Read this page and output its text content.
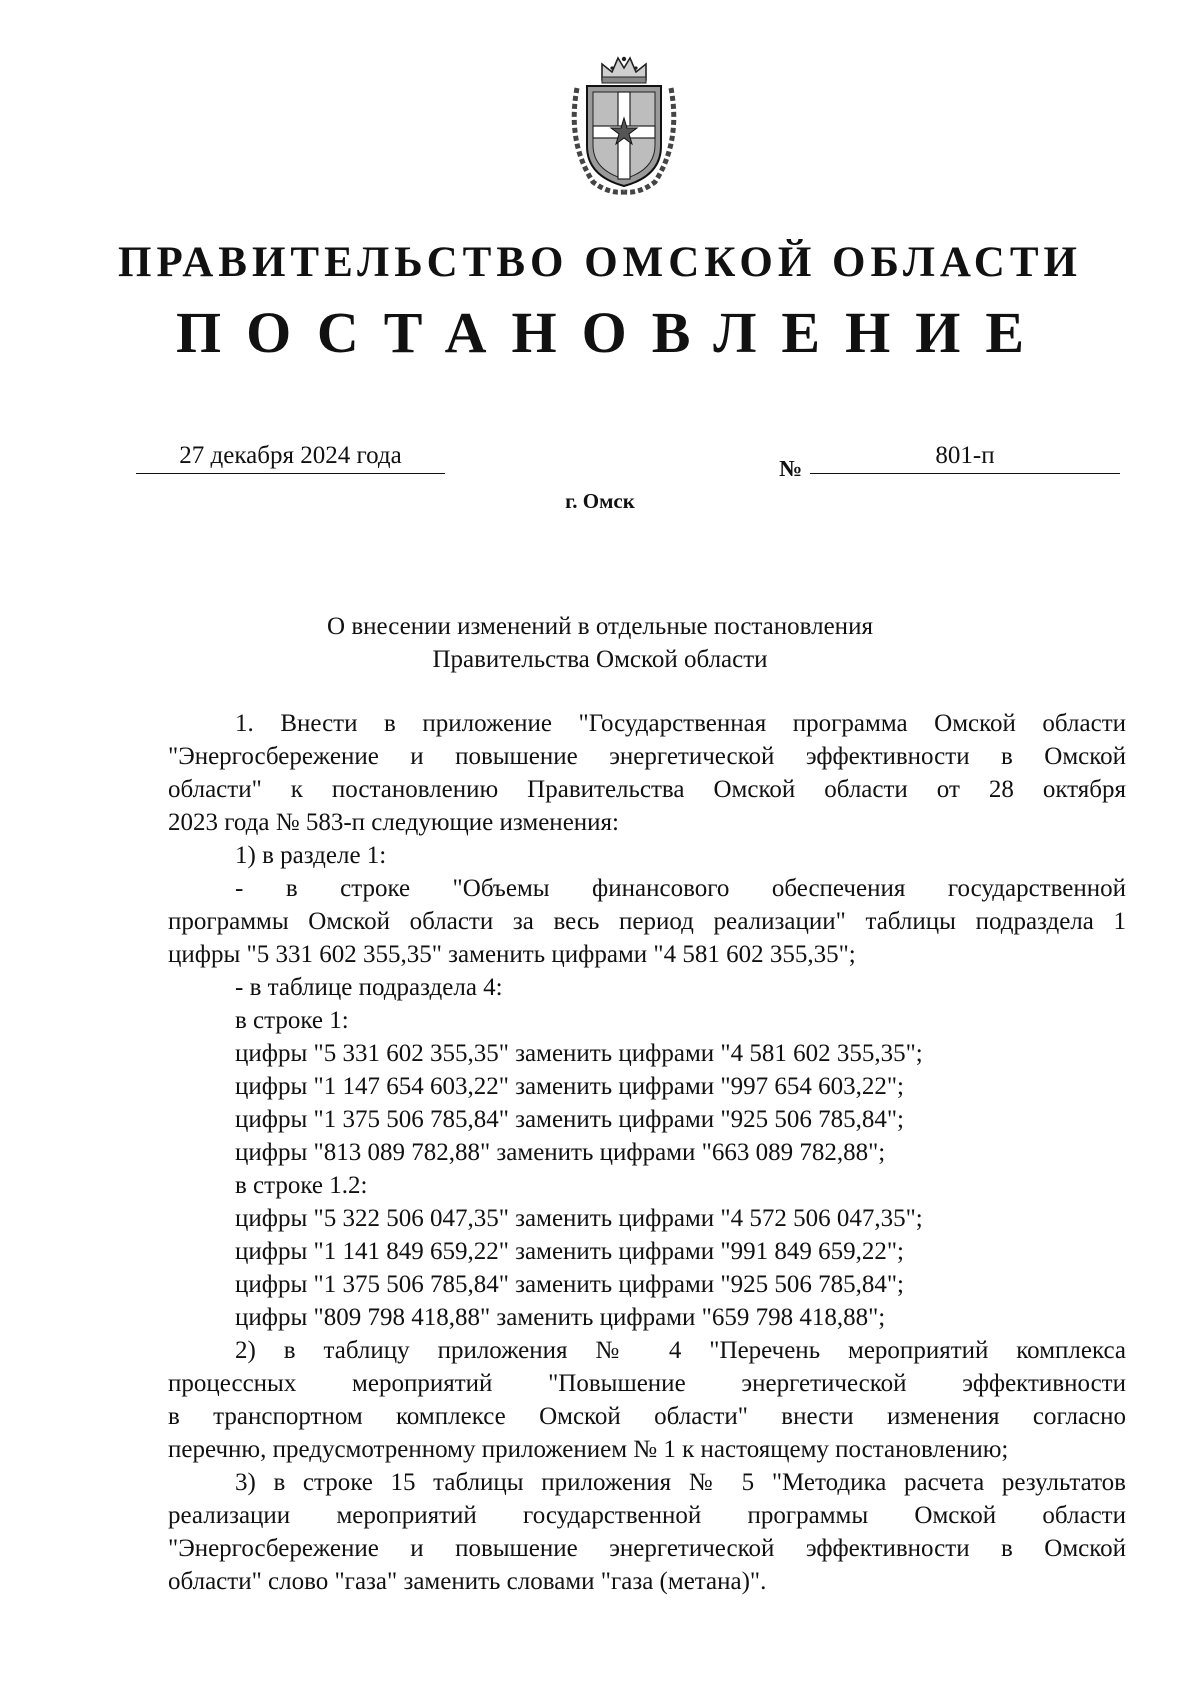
ПРАВИТЕЛЬСТВО ОМСКОЙ ОБЛАСТИ
ПОСТАНОВЛЕНИЕ
27 декабря 2024 года	№	801-п
г. Омск
О внесении изменений в отдельные постановления
Правительства Омской области

1. Внести в приложение "Государственная программа Омской области

"Энергосбережение и повышение энергетической эффективности в Омской

области" к постановлению Правительства Омской области от 28 октября

2023 года № 583-п следующие изменения:

1) в разделе 1:

- в строке "Объемы финансового обеспечения государственной

программы Омской области за весь период реализации" таблицы подраздела 1

цифры "5 331 602 355,35" заменить цифрами "4 581 602 355,35";

- в таблице подраздела 4:

в строке 1:

цифры "5 331 602 355,35" заменить цифрами "4 581 602 355,35";

цифры "1 147 654 603,22" заменить цифрами "997 654 603,22";

цифры "1 375 506 785,84" заменить цифрами "925 506 785,84";

цифры "813 089 782,88" заменить цифрами "663 089 782,88";

в строке 1.2:

цифры "5 322 506 047,35" заменить цифрами "4 572 506 047,35";

цифры "1 141 849 659,22" заменить цифрами "991 849 659,22";

цифры "1 375 506 785,84" заменить цифрами "925 506 785,84";

цифры "809 798 418,88" заменить цифрами "659 798 418,88";

2) в таблицу приложения № 4 "Перечень мероприятий комплекса

процессных мероприятий "Повышение энергетической эффективности

в транспортном комплексе Омской области" внести изменения согласно

перечню, предусмотренному приложением № 1 к настоящему постановлению;

3) в строке 15 таблицы приложения № 5 "Методика расчета результатов

реализации мероприятий государственной программы Омской области

"Энергосбережение и повышение энергетической эффективности в Омской

области" слово "газа" заменить словами "газа (метана)".
